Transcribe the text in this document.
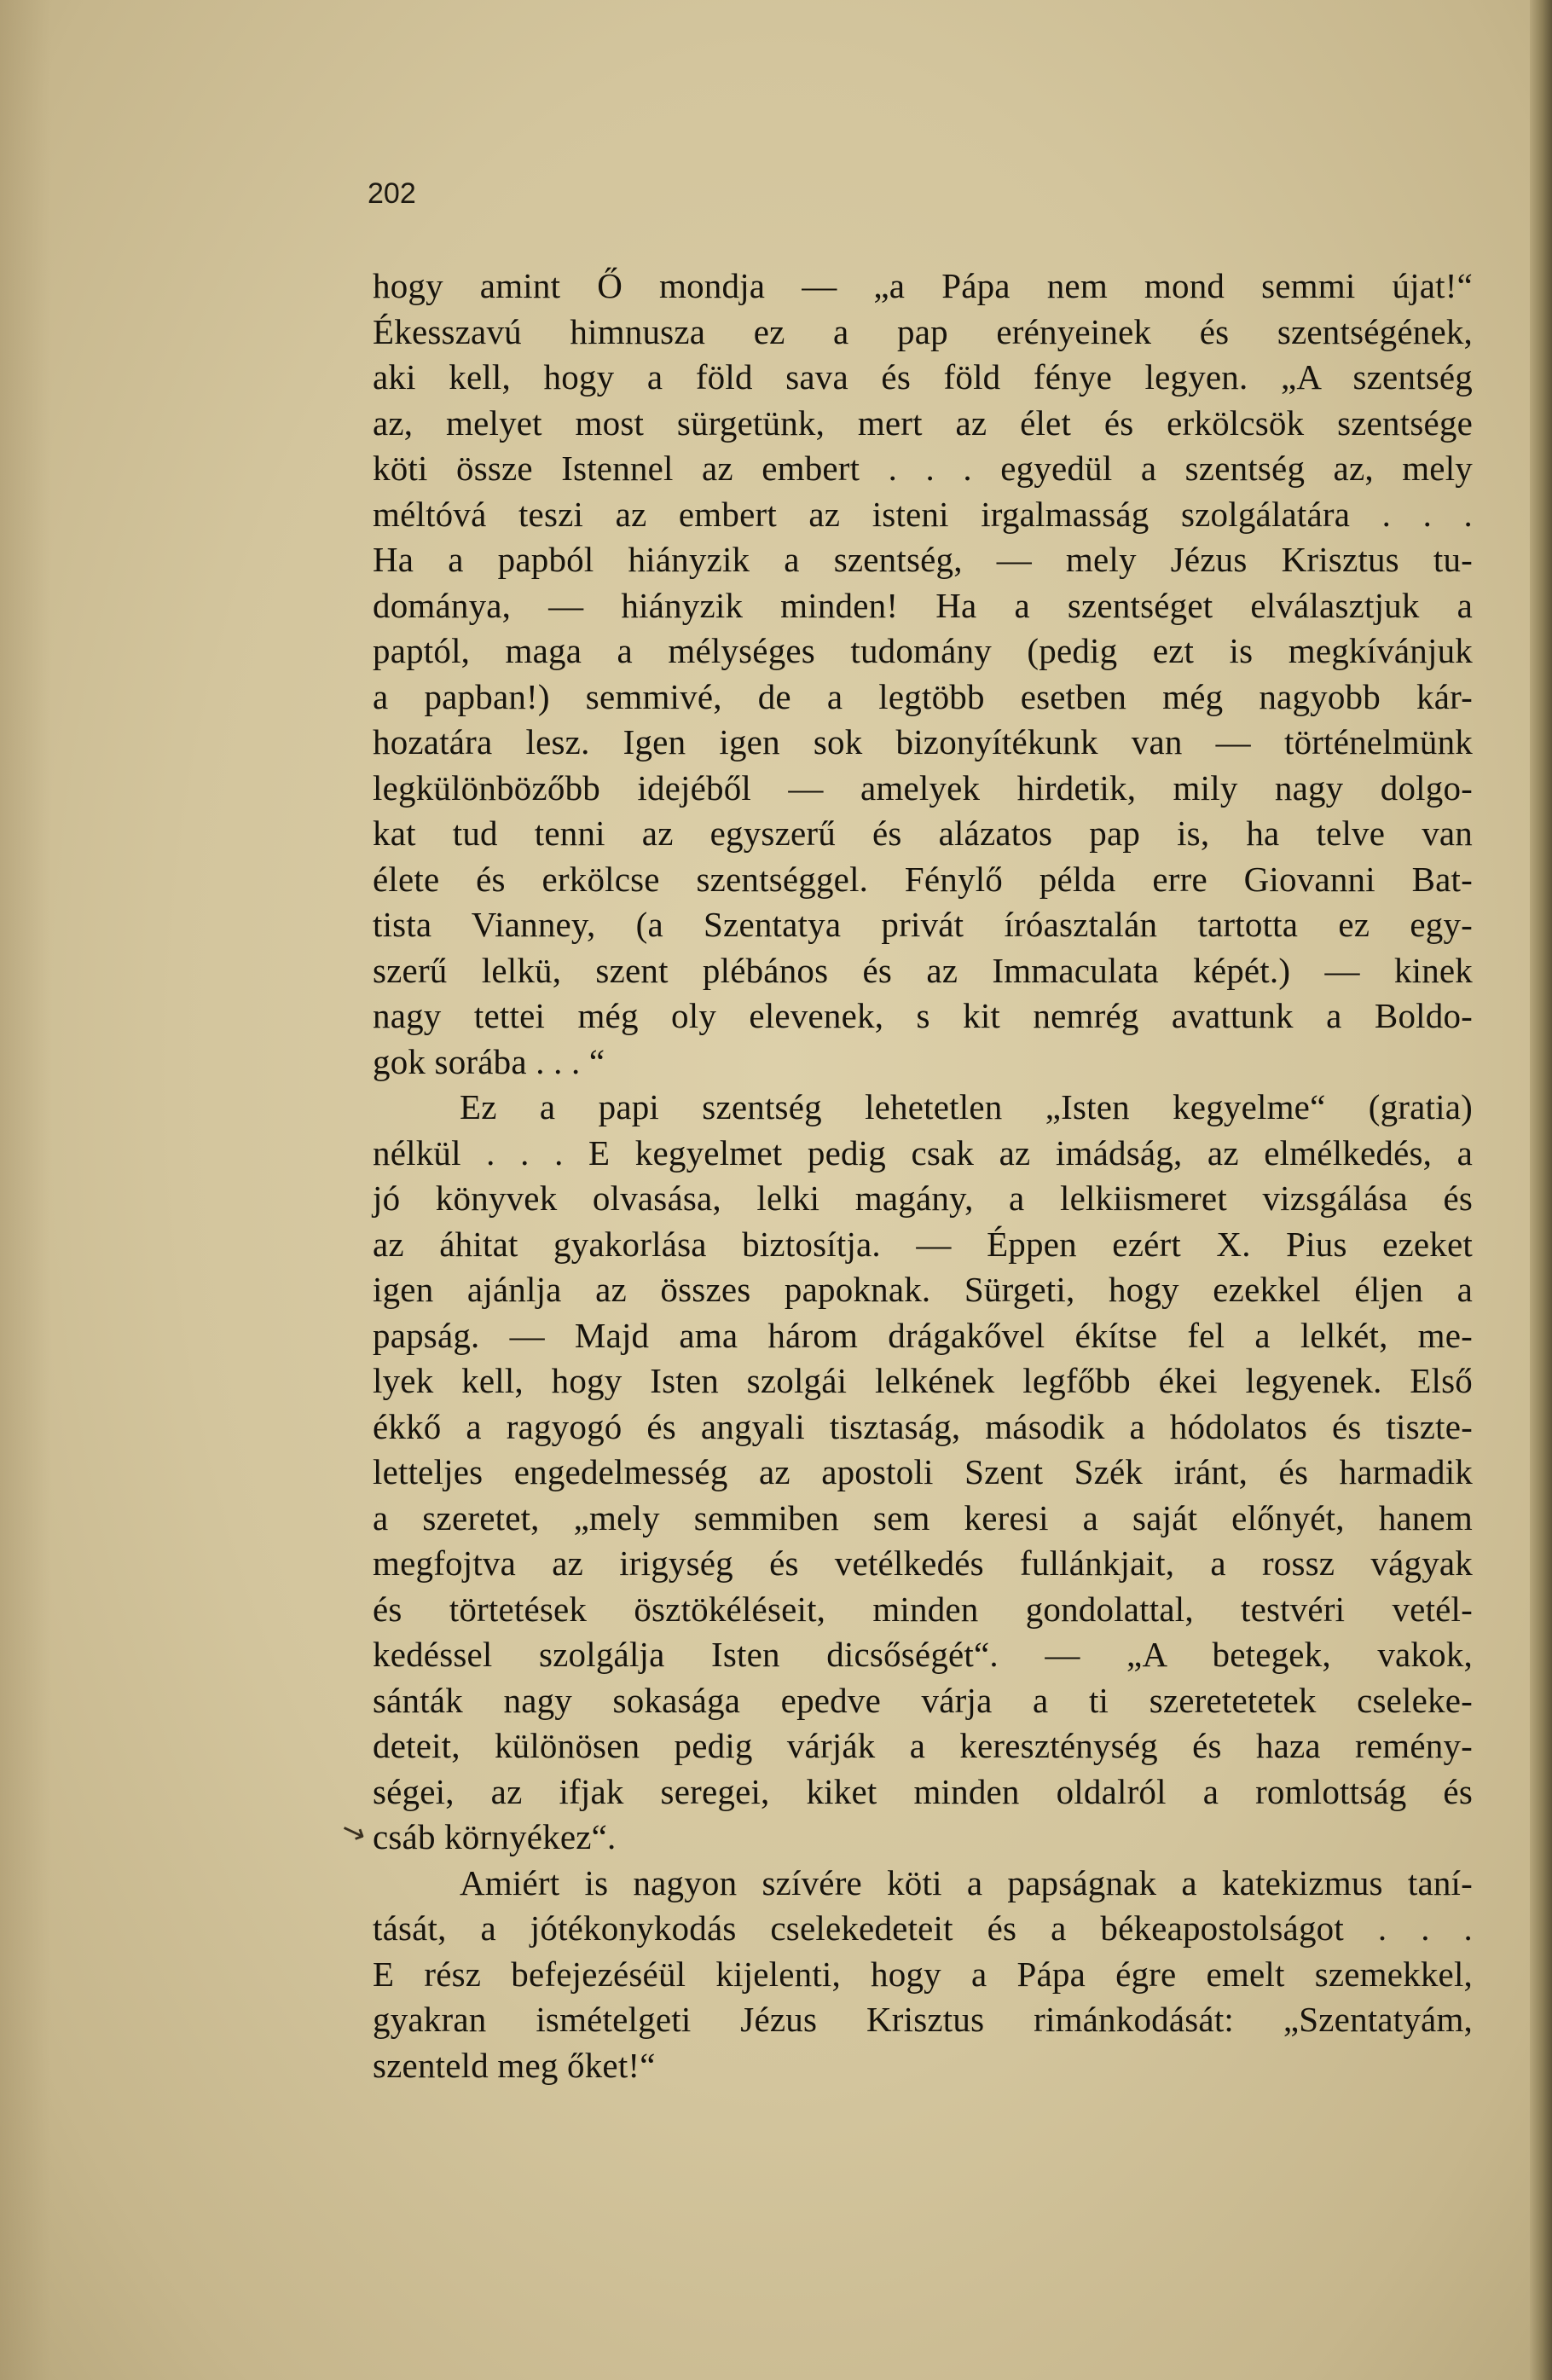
202
↘
hogy amint Ő mondja — „a Pápa nem mond semmi újat!“
Ékesszavú himnusza ez a pap erényeinek és szentségének,
aki kell, hogy a föld sava és föld fénye legyen. „A szentség
az, melyet most sürgetünk, mert az élet és erkölcsök szentsége
köti össze Istennel az embert . . . egyedül a szentség az, mely
méltóvá teszi az embert az isteni irgalmasság szolgálatára . . .
Ha a papból hiányzik a szentség, — mely Jézus Krisztus tu-
dománya, — hiányzik minden! Ha a szentséget elválasztjuk a
paptól, maga a mélységes tudomány (pedig ezt is megkívánjuk
a papban!) semmivé, de a legtöbb esetben még nagyobb kár-
hozatára lesz. Igen igen sok bizonyítékunk van — történelmünk
legkülönbözőbb idejéből — amelyek hirdetik, mily nagy dolgo-
kat tud tenni az egyszerű és alázatos pap is, ha telve van
élete és erkölcse szentséggel. Fénylő példa erre Giovanni Bat-
tista Vianney, (a Szentatya privát íróasztalán tartotta ez egy-
szerű lelkü, szent plébános és az Immaculata képét.) — kinek
nagy tettei még oly elevenek, s kit nemrég avattunk a Boldo-
gok sorába . . . “
Ez a papi szentség lehetetlen „Isten kegyelme“ (gratia)
nélkül . . . E kegyelmet pedig csak az imádság, az elmélkedés, a
jó könyvek olvasása, lelki magány, a lelkiismeret vizsgálása és
az áhitat gyakorlása biztosítja. — Éppen ezért X. Pius ezeket
igen ajánlja az összes papoknak. Sürgeti, hogy ezekkel éljen a
papság. — Majd ama három drágakővel ékítse fel a lelkét, me-
lyek kell, hogy Isten szolgái lelkének legfőbb ékei legyenek. Első
ékkő a ragyogó és angyali tisztaság, második a hódolatos és tiszte-
letteljes engedelmesség az apostoli Szent Szék iránt, és harmadik
a szeretet, „mely semmiben sem keresi a saját előnyét, hanem
megfojtva az irigység és vetélkedés fullánkjait, a rossz vágyak
és törtetések ösztökéléseit, minden gondolattal, testvéri vetél-
kedéssel szolgálja Isten dicsőségét“. — „A betegek, vakok,
sánták nagy sokasága epedve várja a ti szeretetetek cseleke-
deteit, különösen pedig várják a kereszténység és haza remény-
ségei, az ifjak seregei, kiket minden oldalról a romlottság és
csáb környékez“.
Amiért is nagyon szívére köti a papságnak a katekizmus taní-
tását, a jótékonykodás cselekedeteit és a békeapostolságot . . .
E rész befejezéséül kijelenti, hogy a Pápa égre emelt szemekkel,
gyakran ismételgeti Jézus Krisztus rimánkodását: „Szentatyám,
szenteld meg őket!“
